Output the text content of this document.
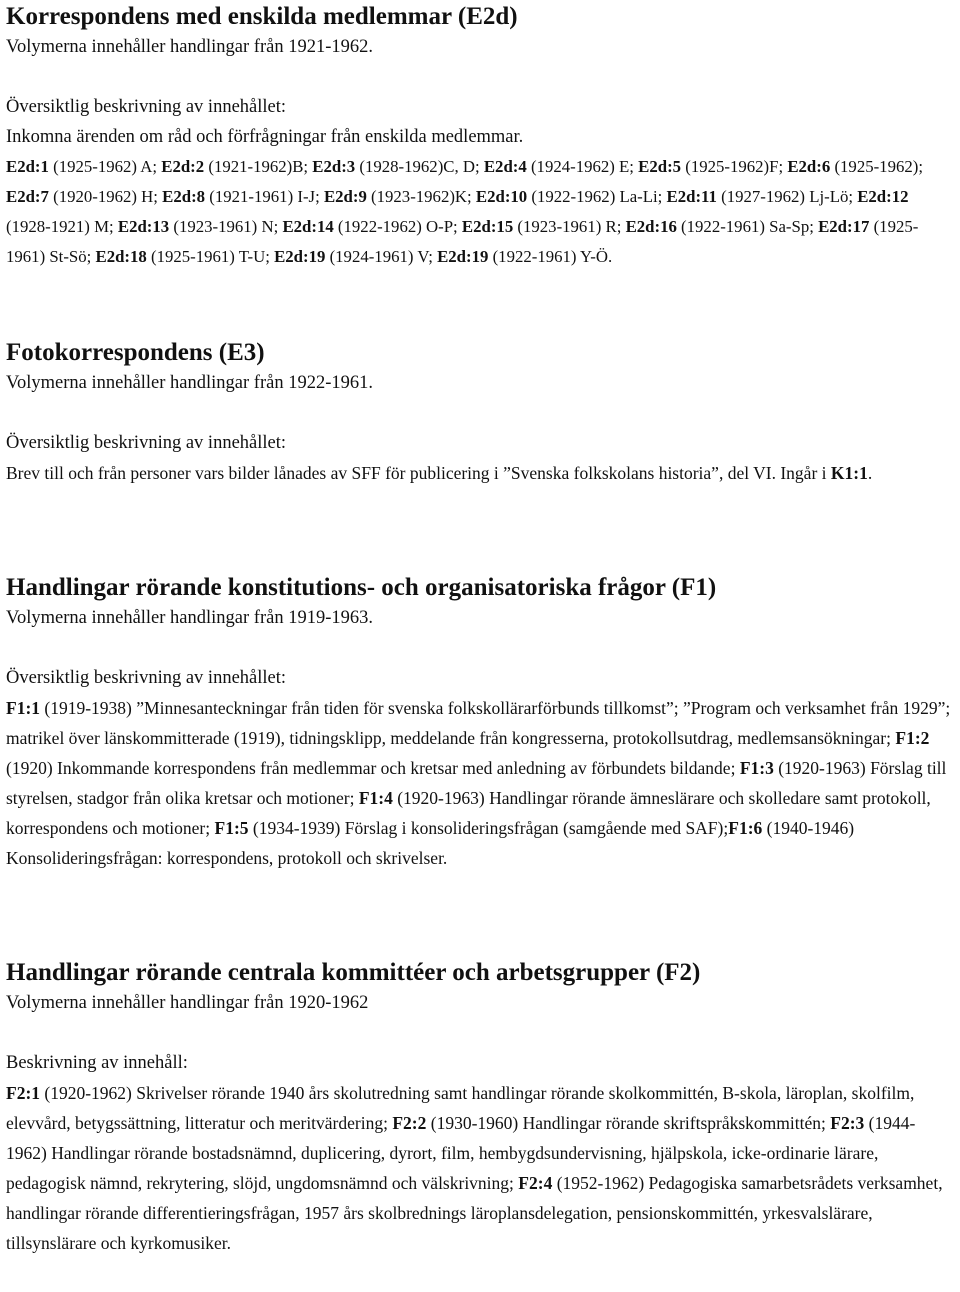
Korrespondens med enskilda medlemmar (E2d)

Volymerna innehåller handlingar från 1921-1962.

Översiktlig beskrivning av innehållet:

Inkomna ärenden om råd och förfrågningar från enskilda medlemmar.

E2d:1 (1925-1962) A; E2d:2 (1921-1962)B; E2d:3 (1928-1962)C, D; E2d:4 (1924-1962) E; E2d:5 (1925-1962)F; E2d:6 (1925-1962); E2d:7 (1920-1962) H; E2d:8 (1921-1961) I-J; E2d:9 (1923-1962)K; E2d:10 (1922-1962) La-Li; E2d:11 (1927-1962) Lj-Lö; E2d:12 (1928-1921) M; E2d:13 (1923-1961) N; E2d:14 (1922-1962) O-P; E2d:15 (1923-1961) R; E2d:16 (1922-1961) Sa-Sp; E2d:17 (1925-1961) St-Sö; E2d:18 (1925-1961) T-U; E2d:19 (1924-1961) V; E2d:19 (1922-1961) Y-Ö.

Fotokorrespondens (E3)

Volymerna innehåller handlingar från 1922-1961.

Översiktlig beskrivning av innehållet:

Brev till och från personer vars bilder lånades av SFF för publicering i ”Svenska folkskolans historia”, del VI. Ingår i K1:1.

Handlingar rörande konstitutions- och organisatoriska frågor (F1)

Volymerna innehåller handlingar från 1919-1963.

Översiktlig beskrivning av innehållet:

F1:1 (1919-1938) ”Minnesanteckningar från tiden för svenska folkskollärarförbunds tillkomst”; ”Program och verksamhet från 1929”; matrikel över länskommitterade (1919), tidningsklipp, meddelande från kongresserna, protokollsutdrag, medlemsansökningar; F1:2 (1920) Inkommande korrespondens från medlemmar och kretsar med anledning av förbundets bildande; F1:3 (1920-1963) Förslag till styrelsen, stadgor från olika kretsar och motioner; F1:4 (1920-1963) Handlingar rörande ämneslärare och skolledare samt protokoll, korrespondens och motioner; F1:5 (1934-1939) Förslag i konsolideringsfrågan (samgående med SAF);F1:6 (1940-1946) Konsolideringsfrågan: korrespondens, protokoll och skrivelser.

Handlingar rörande centrala kommittéer och arbetsgrupper (F2)

Volymerna innehåller handlingar från 1920-1962

Beskrivning av innehåll:

F2:1 (1920-1962) Skrivelser rörande 1940 års skolutredning samt handlingar rörande skolkommittén, B-skola, läroplan, skolfilm, elevvård, betygssättning, litteratur och meritvärdering; F2:2 (1930-1960) Handlingar rörande skriftspråkskommittén; F2:3 (1944-1962) Handlingar rörande bostadsnämnd, duplicering, dyrort, film, hembygdsundervisning, hjälpskola, icke-ordinarie lärare, pedagogisk nämnd, rekrytering, slöjd, ungdomsnämnd och välskrivning; F2:4 (1952-1962) Pedagogiska samarbetsrådets verksamhet, handlingar rörande differentieringsfrågan, 1957 års skolbrednings läroplansdelegation, pensionskommittén, yrkesvalslärare, tillsynslärare och kyrkomusiker.
